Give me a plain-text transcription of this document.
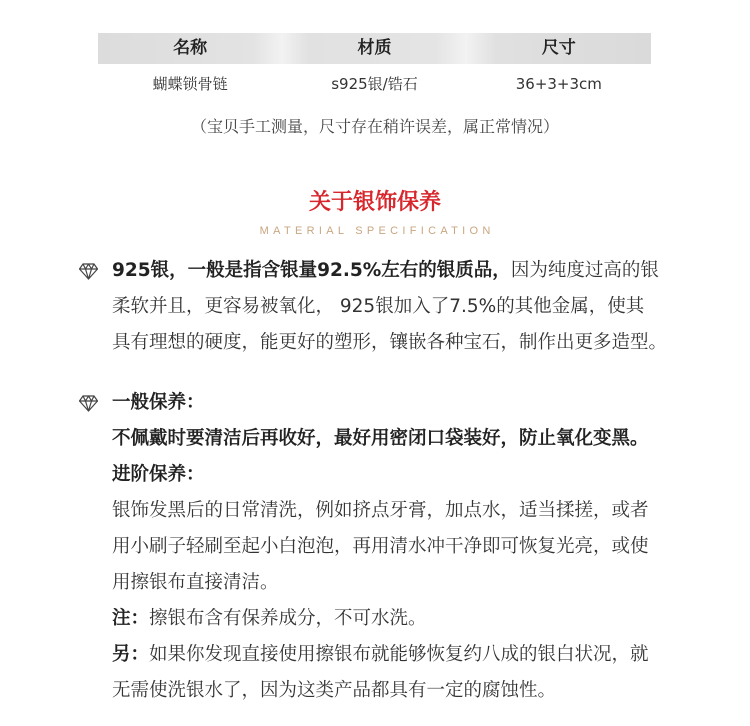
名称	材质	尺寸
蝴蝶锁骨链	s925银/锆石	36+3+3cm
（宝贝手工测量，尺寸存在稍许误差，属正常情况）
关于银饰保养
MATERIAL SPECIFICATION
925银，一般是指含银量92.5%左右的银质品，因为纯度过高的银
柔软并且，更容易被氧化， 925银加入了7.5%的其他金属，使其
具有理想的硬度，能更好的塑形，镶嵌各种宝石，制作出更多造型。
一般保养：
不佩戴时要清洁后再收好，最好用密闭口袋装好，防止氧化变黑。
进阶保养：
银饰发黑后的日常清洗，例如挤点牙膏，加点水，适当揉搓，或者
用小刷子轻刷至起小白泡泡，再用清水冲干净即可恢复光亮，或使
用擦银布直接清洁。
注：擦银布含有保养成分，不可水洗。
另：如果你发现直接使用擦银布就能够恢复约八成的银白状况，就
无需使洗银水了，因为这类产品都具有一定的腐蚀性。
